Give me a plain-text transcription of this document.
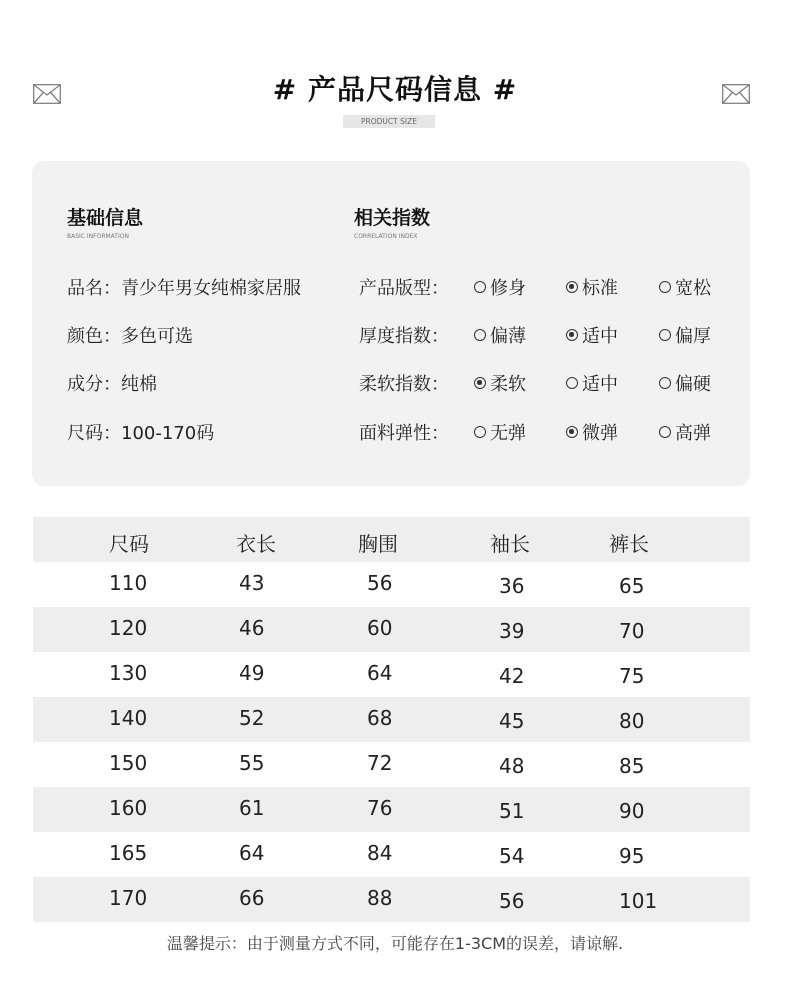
# 产品尺码信息 #
PRODUCT SIZE
基础信息
BASIC INFORMATION
相关指数
CORRELATION INDEX
品名：青少年男女纯棉家居服
颜色：多色可选
成分：纯棉
尺码：100-170码
产品版型：	修身	标准	宽松
厚度指数：	偏薄	适中	偏厚
柔软指数：	柔软	适中	偏硬
面料弹性：	无弹	微弹	高弹
尺码	衣长	胸围	袖长	裤长
110	43	56	36	65
120	46	60	39	70
130	49	64	42	75
140	52	68	45	80
150	55	72	48	85
160	61	76	51	90
165	64	84	54	95
170	66	88	56	101
温馨提示：由于测量方式不同，可能存在1-3CM的误差，请谅解.
